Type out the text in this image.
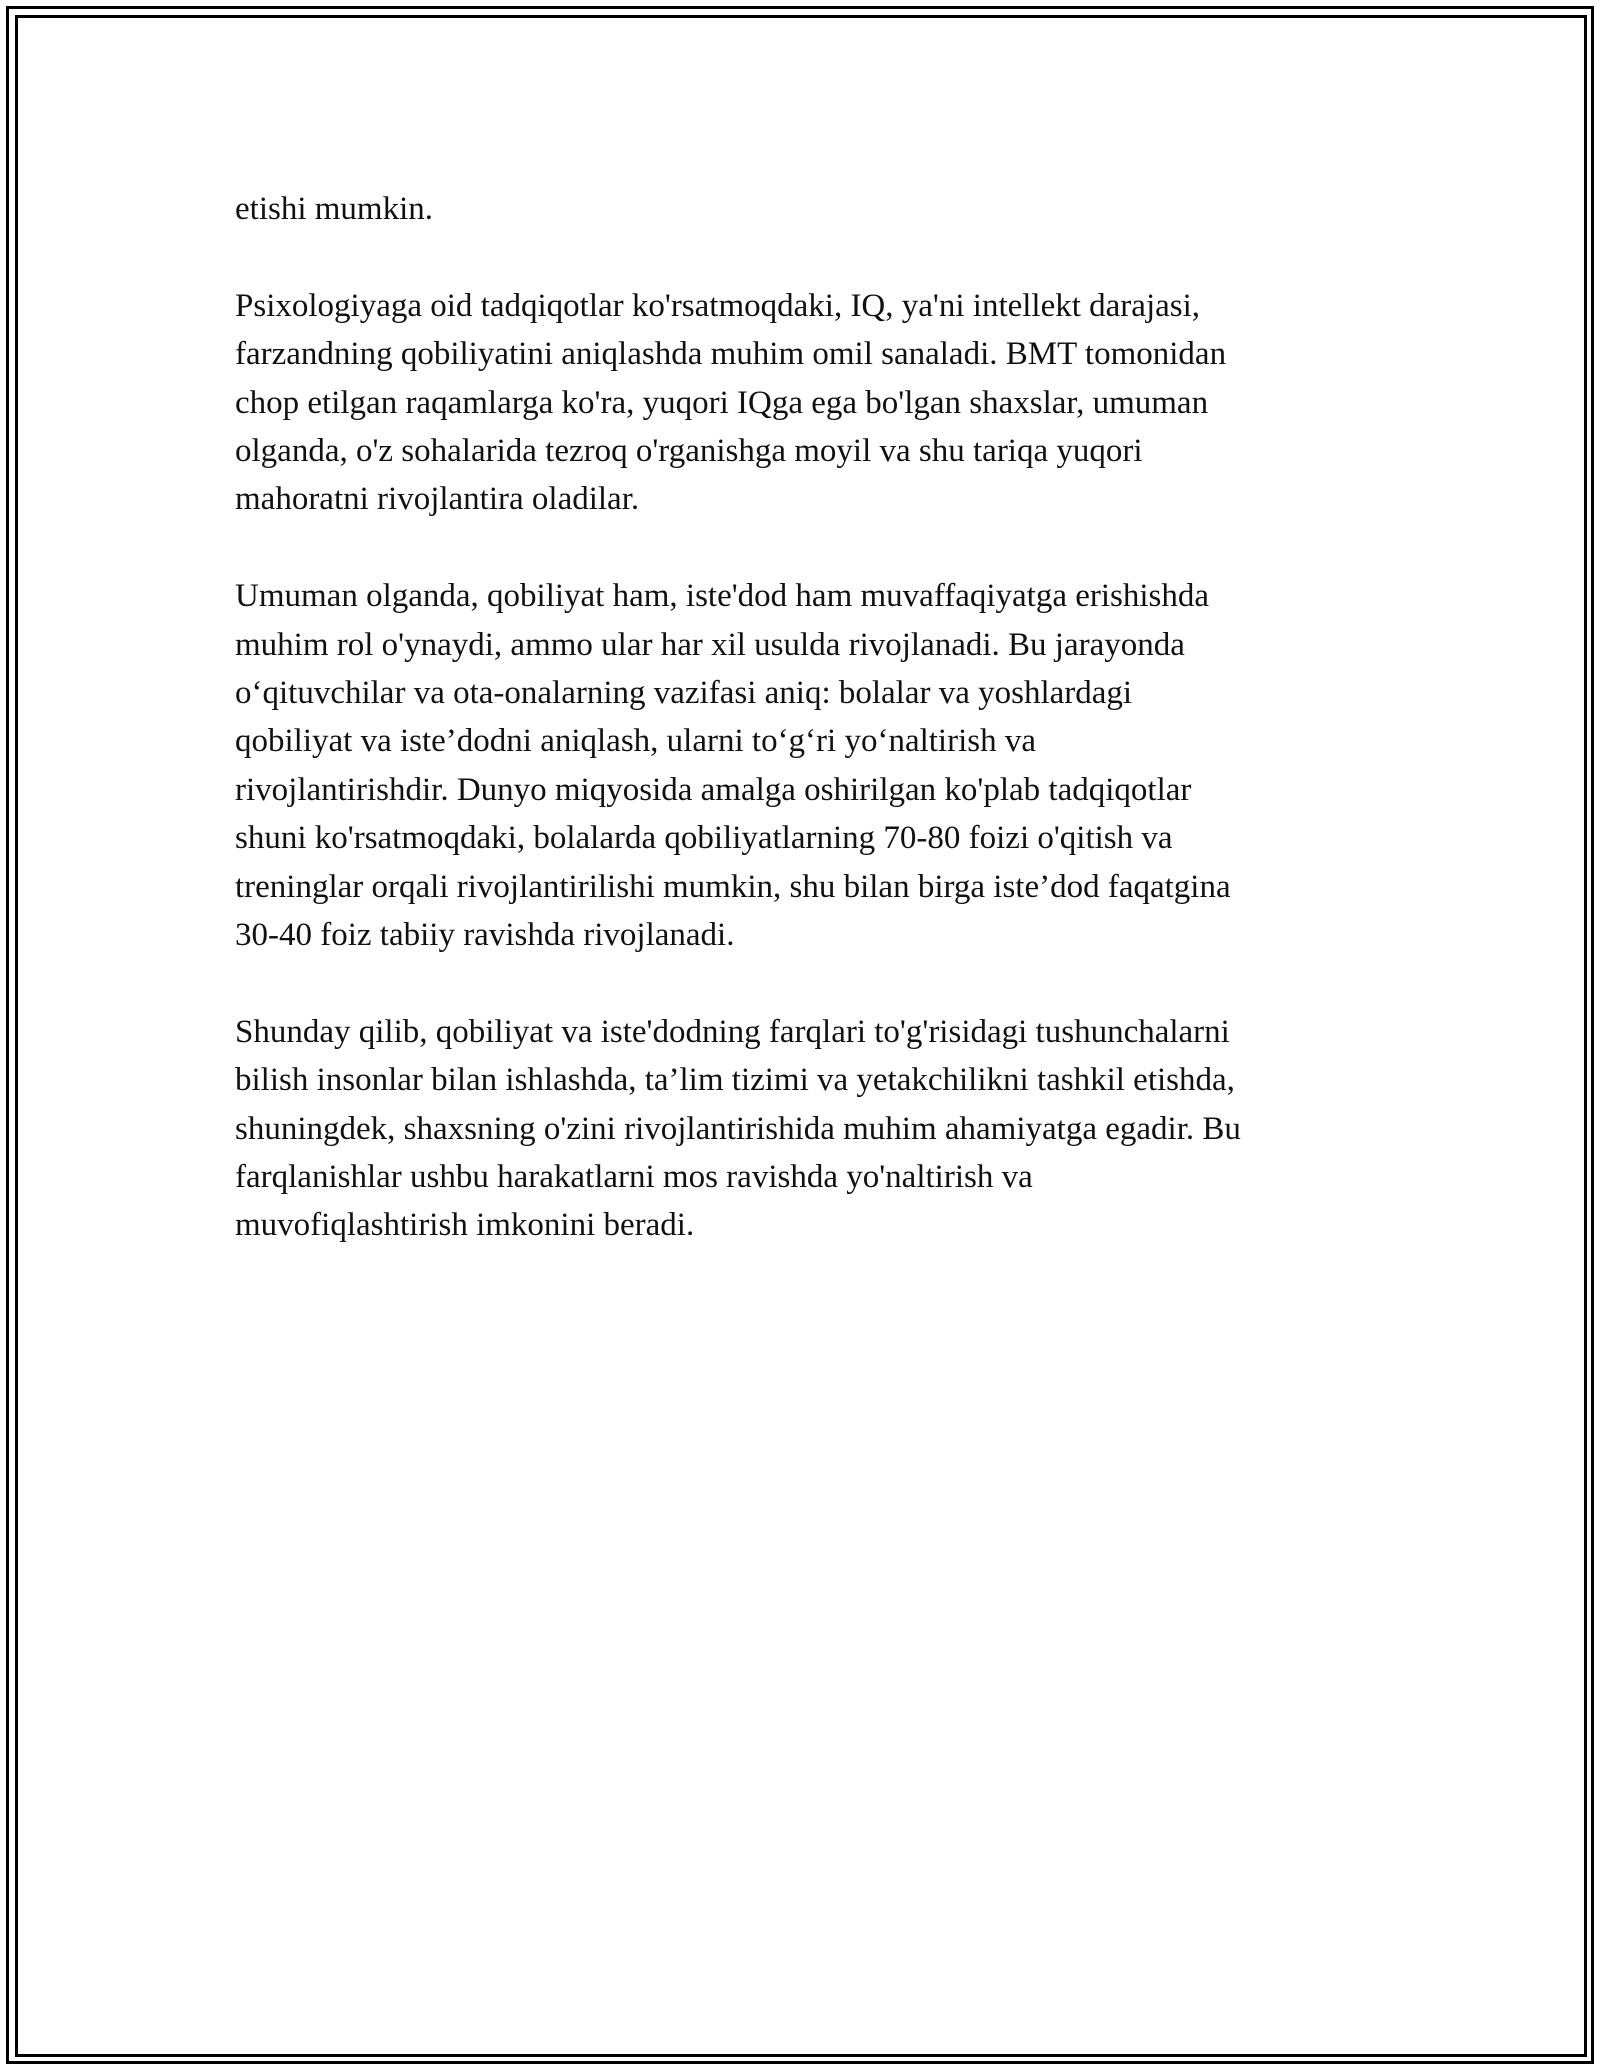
etishi mumkin.

Psixologiyaga oid tadqiqotlar ko'rsatmoqdaki, IQ, ya'ni intellekt darajasi,
farzandning qobiliyatini aniqlashda muhim omil sanaladi. BMT tomonidan
chop etilgan raqamlarga ko'ra, yuqori IQga ega bo'lgan shaxslar, umuman
olganda, o'z sohalarida tezroq o'rganishga moyil va shu tariqa yuqori
mahoratni rivojlantira oladilar.

Umuman olganda, qobiliyat ham, iste'dod ham muvaffaqiyatga erishishda
muhim rol o'ynaydi, ammo ular har xil usulda rivojlanadi. Bu jarayonda
o‘qituvchilar va ota-onalarning vazifasi aniq: bolalar va yoshlardagi
qobiliyat va iste’dodni aniqlash, ularni to‘g‘ri yo‘naltirish va
rivojlantirishdir. Dunyo miqyosida amalga oshirilgan ko'plab tadqiqotlar
shuni ko'rsatmoqdaki, bolalarda qobiliyatlarning 70-80 foizi o'qitish va
treninglar orqali rivojlantirilishi mumkin, shu bilan birga iste’dod faqatgina
30-40 foiz tabiiy ravishda rivojlanadi.

Shunday qilib, qobiliyat va iste'dodning farqlari to'g'risidagi tushunchalarni
bilish insonlar bilan ishlashda, ta’lim tizimi va yetakchilikni tashkil etishda,
shuningdek, shaxsning o'zini rivojlantirishida muhim ahamiyatga egadir. Bu
farqlanishlar ushbu harakatlarni mos ravishda yo'naltirish va
muvofiqlashtirish imkonini beradi.
